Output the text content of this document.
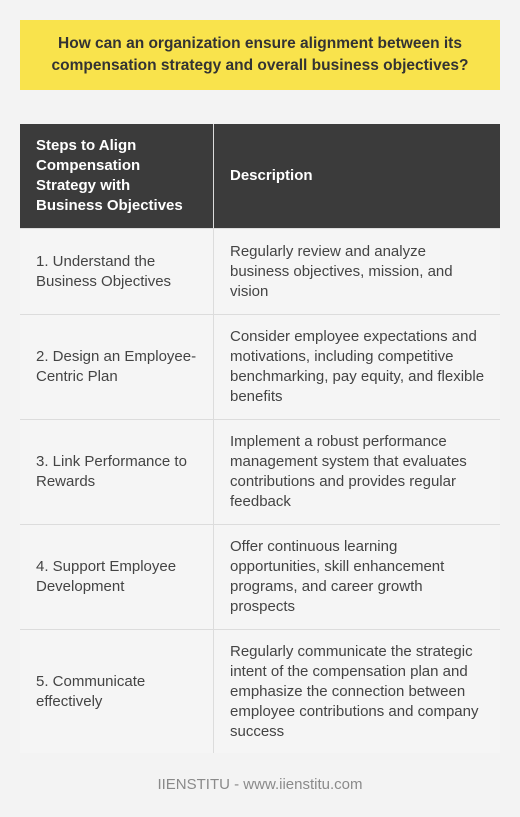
How can an organization ensure alignment between its compensation strategy and overall business objectives?
Steps to Align Compensation Strategy with Business Objectives	Description
1. Understand the Business Objectives	Regularly review and analyze business objectives, mission, and vision
2. Design an Employee-Centric Plan	Consider employee expectations and motivations, including competitive benchmarking, pay equity, and flexible benefits
3. Link Performance to Rewards	Implement a robust performance management system that evaluates contributions and provides regular feedback
4. Support Employee Development	Offer continuous learning opportunities, skill enhancement programs, and career growth prospects
5. Communicate effectively	Regularly communicate the strategic intent of the compensation plan and emphasize the connection between employee contributions and company success
IIENSTITU - www.iienstitu.com
